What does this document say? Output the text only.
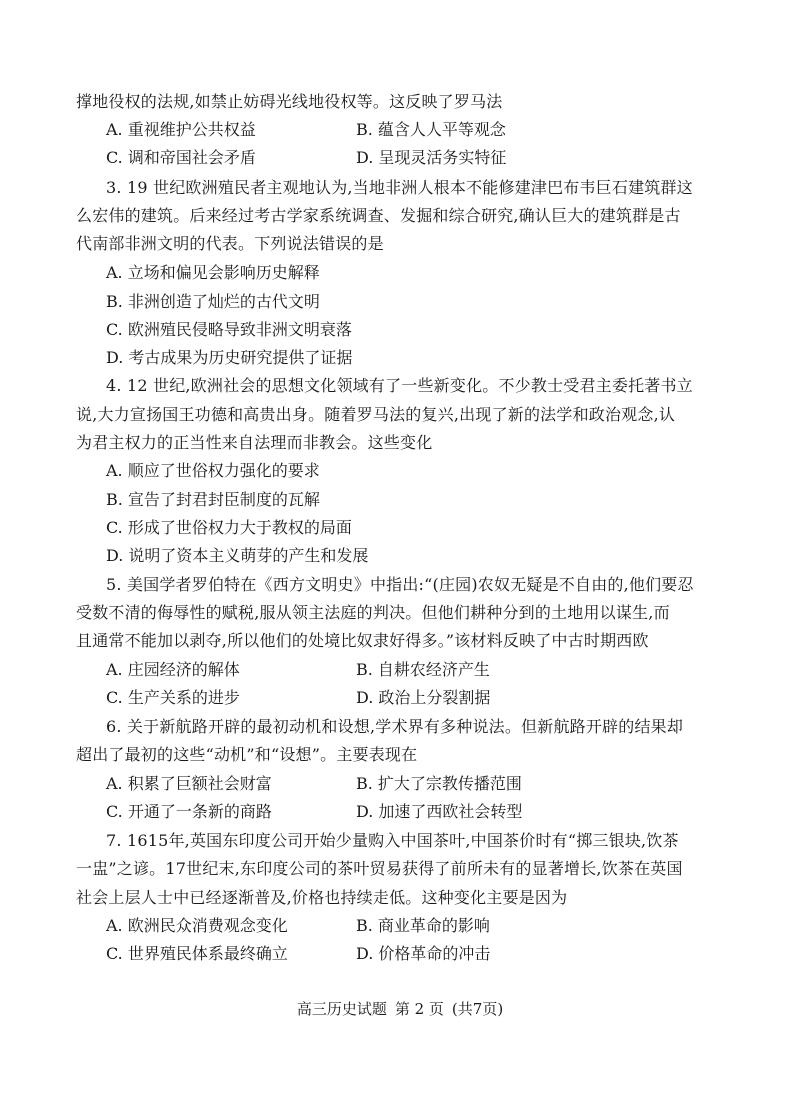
撑地役权的法规,如禁止妨碍光线地役权等。这反映了罗马法
A. 重视维护公共权益	B. 蕴含人人平等观念
C. 调和帝国社会矛盾	D. 呈现灵活务实特征
3. 19 世纪欧洲殖民者主观地认为,当地非洲人根本不能修建津巴布韦巨石建筑群这
么宏伟的建筑。后来经过考古学家系统调查、发掘和综合研究,确认巨大的建筑群是古
代南部非洲文明的代表。下列说法错误的是
A. 立场和偏见会影响历史解释
B. 非洲创造了灿烂的古代文明
C. 欧洲殖民侵略导致非洲文明衰落
D. 考古成果为历史研究提供了证据
4. 12 世纪,欧洲社会的思想文化领域有了一些新变化。不少教士受君主委托著书立
说,大力宣扬国王功德和高贵出身。随着罗马法的复兴,出现了新的法学和政治观念,认
为君主权力的正当性来自法理而非教会。这些变化
A. 顺应了世俗权力强化的要求
B. 宣告了封君封臣制度的瓦解
C. 形成了世俗权力大于教权的局面
D. 说明了资本主义萌芽的产生和发展
5. 美国学者罗伯特在《西方文明史》中指出:“(庄园)农奴无疑是不自由的,他们要忍
受数不清的侮辱性的赋税,服从领主法庭的判决。但他们耕种分到的土地用以谋生,而
且通常不能加以剥夺,所以他们的处境比奴隶好得多。”该材料反映了中古时期西欧
A. 庄园经济的解体	B. 自耕农经济产生
C. 生产关系的进步	D. 政治上分裂割据
6. 关于新航路开辟的最初动机和设想,学术界有多种说法。但新航路开辟的结果却
超出了最初的这些“动机”和“设想”。主要表现在
A. 积累了巨额社会财富	B. 扩大了宗教传播范围
C. 开通了一条新的商路	D. 加速了西欧社会转型
7. 1615年,英国东印度公司开始少量购入中国茶叶,中国茶价时有“掷三银块,饮茶
一盅”之谚。17世纪末,东印度公司的茶叶贸易获得了前所未有的显著增长,饮茶在英国
社会上层人士中已经逐渐普及,价格也持续走低。这种变化主要是因为
A. 欧洲民众消费观念变化	B. 商业革命的影响
C. 世界殖民体系最终确立	D. 价格革命的冲击
高三历史试题 第 2 页 (共7页)
